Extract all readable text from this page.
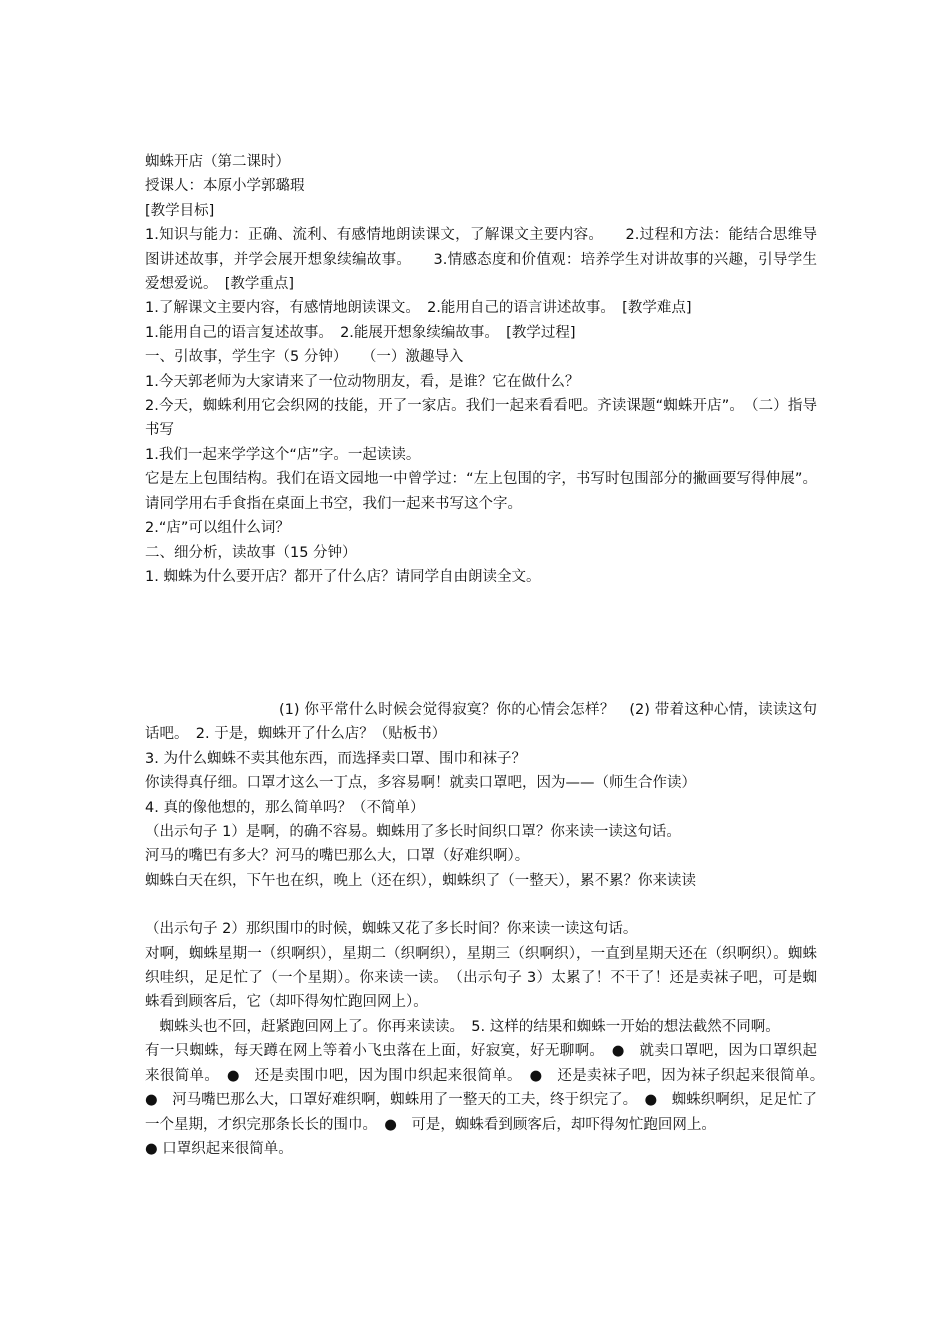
蜘蛛开店（第二课时）

授课人：本原小学郭璐瑕

[教学目标]

1.知识与能力：正确、流利、有感情地朗读课文，了解课文主要内容。　　2.过程和方法：能结合思维导图讲述故事，并学会展开想象续编故事。　　3.情感态度和价值观：培养学生对讲故事的兴趣，引导学生爱想爱说。　[教学重点]

1.了解课文主要内容，有感情地朗读课文。　2.能用自己的语言讲述故事。　[教学难点]

1.能用自己的语言复述故事。　2.能展开想象续编故事。　[教学过程]

一、引故事，学生字（5 分钟）　　（一）激趣导入

1.今天郭老师为大家请来了一位动物朋友，看，是谁？它在做什么？

2.今天，蜘蛛利用它会织网的技能，开了一家店。我们一起来看看吧。齐读课题“蜘蛛开店”。　（二）指导书写

1.我们一起来学学这个“店”字。一起读读。

它是左上包围结构。我们在语文园地一中曾学过：“左上包围的字，书写时包围部分的撇画要写得伸展”。请同学用右手食指在桌面上书空，我们一起来书写这个字。

2.“店”可以组什么词？

二、细分析，读故事（15 分钟）

1. 蜘蛛为什么要开店？都开了什么店？请同学自由朗读全文。

(1) 你平常什么时候会觉得寂寞？你的心情会怎样？　(2) 带着这种心情，读读这句话吧。　2. 于是，蜘蛛开了什么店？（贴板书）

3. 为什么蜘蛛不卖其他东西，而选择卖口罩、围巾和袜子？

你读得真仔细。口罩才这么一丁点，多容易啊！就卖口罩吧，因为——（师生合作读）

4. 真的像他想的，那么简单吗？（不简单）

（出示句子 1）是啊，的确不容易。蜘蛛用了多长时间织口罩？你来读一读这句话。

河马的嘴巴有多大？河马的嘴巴那么大，口罩（好难织啊）。

蜘蛛白天在织，下午也在织，晚上（还在织），蜘蛛织了（一整天），累不累？你来读读

（出示句子 2）那织围巾的时候，蜘蛛又花了多长时间？你来读一读这句话。

对啊，蜘蛛星期一（织啊织），星期二（织啊织），星期三（织啊织），一直到星期天还在（织啊织）。蜘蛛织哇织，足足忙了（一个星期）。你来读一读。　（出示句子 3）太累了！不干了！还是卖袜子吧，可是蜘蛛看到顾客后，它（却吓得匆忙跑回网上）。

　蜘蛛头也不回，赶紧跑回网上了。你再来读读。　5. 这样的结果和蜘蛛一开始的想法截然不同啊。

有一只蜘蛛，每天蹲在网上等着小飞虫落在上面，好寂寞，好无聊啊。　●　就卖口罩吧，因为口罩织起来很简单。　●　还是卖围巾吧，因为围巾织起来很简单。　●　还是卖袜子吧，因为袜子织起来很简单。　●　河马嘴巴那么大，口罩好难织啊，蜘蛛用了一整天的工夫，终于织完了。　●　蜘蛛织啊织，足足忙了一个星期，才织完那条长长的围巾。　●　可是，蜘蛛看到顾客后，却吓得匆忙跑回网上。

● 口罩织起来很简单。
